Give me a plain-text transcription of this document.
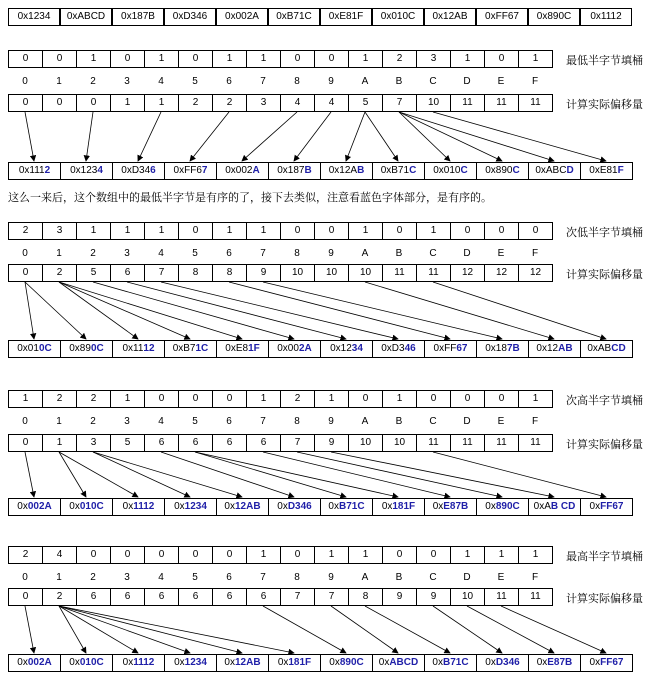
0x1234	0xABCD	0x187B	0xD346	0x002A	0xB71C	0xE81F	0x010C	0x12AB	0xFF67	0x890C	0x1112
这么一来后，这个数组中的最低半字节是有序的了，接下去类似，注意看蓝色字体部分，是有序的。
0	0	1	0	1	0	1	1	0	0	1	2	3	1	0	1	最低半字节填桶
0	1	2	3	4	5	6	7	8	9	A	B	C	D	E	F
0	0	0	1	1	2	2	3	4	4	5	7	10	11	11	11	计算实际偏移量
0x1112	0x1234	0xD346	0xFF67	0x002A	0x187B	0x12AB	0xB71C	0x010C	0x890C	0xABCD	0xE81F
2	3	1	1	1	0	1	1	0	0	1	0	1	0	0	0	次低半字节填桶
0	1	2	3	4	5	6	7	8	9	A	B	C	D	E	F
0	2	5	6	7	8	8	9	10	10	10	11	11	12	12	12	计算实际偏移量
0x010C	0x890C	0x1112	0xB71C	0xE81F	0x002A	0x1234	0xD346	0xFF67	0x187B	0x12AB	0xABCD
1	2	2	1	0	0	0	1	2	1	0	1	0	0	0	1	次高半字节填桶
0	1	2	3	4	5	6	7	8	9	A	B	C	D	E	F
0	1	3	5	6	6	6	6	7	9	10	10	11	11	11	11	计算实际偏移量
0x002A	0x010C	0x1112	0x1234	0x12AB	0xD346	0xB71C	0x181F	0xE87B	0x890C	0xAB CD	0xFF67
2	4	0	0	0	0	0	1	0	1	1	0	0	1	1	1	最高半字节填桶
0	1	2	3	4	5	6	7	8	9	A	B	C	D	E	F
0	2	6	6	6	6	6	6	7	7	8	9	9	10	11	11	计算实际偏移量
0x002A	0x010C	0x1112	0x1234	0x12AB	0x181F	0x890C	0xABCD	0xB71C	0xD346	0xE87B	0xFF67
